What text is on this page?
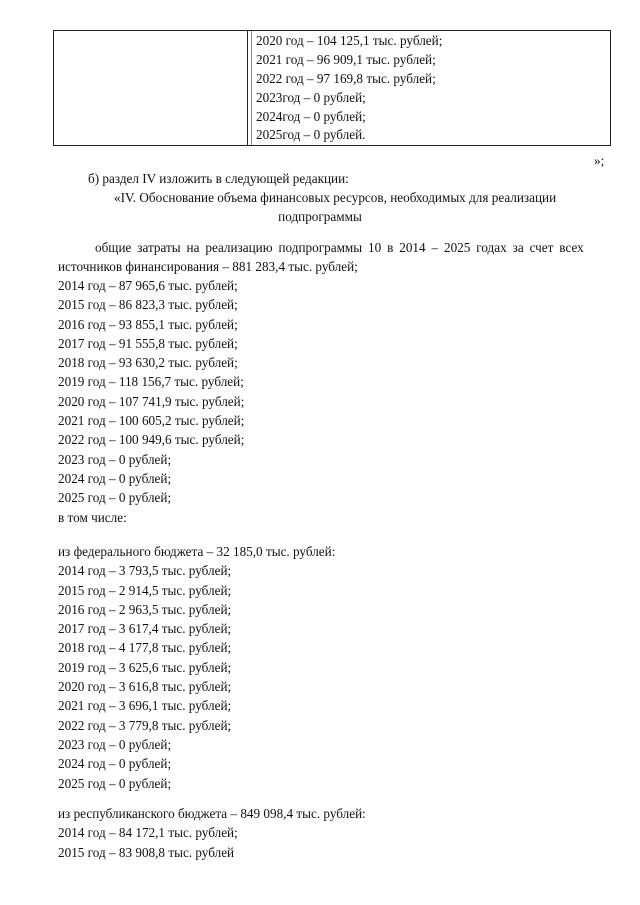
2020 год – 104 125,1 тыс. рублей;
2021 год – 96 909,1 тыс. рублей;
2022 год – 97 169,8 тыс. рублей;
2023год – 0 рублей;
2024год – 0 рублей;
2025год – 0 рублей.
»;
б) раздел IV изложить в следующей редакции:
«IV. Обоснование объема финансовых ресурсов, необходимых для реализации
подпрограммы
общие затраты на реализацию подпрограммы 10 в 2014 – 2025 годах за счет всех
источников финансирования – 881 283,4 тыс. рублей;
2014 год – 87 965,6 тыс. рублей;
2015 год – 86 823,3 тыс. рублей;
2016 год – 93 855,1 тыс. рублей;
2017 год – 91 555,8 тыс. рублей;
2018 год – 93 630,2 тыс. рублей;
2019 год – 118 156,7 тыс. рублей;
2020 год – 107 741,9 тыс. рублей;
2021 год – 100 605,2 тыс. рублей;
2022 год – 100 949,6 тыс. рублей;
2023 год – 0 рублей;
2024 год – 0 рублей;
2025 год – 0 рублей;
в том числе:
из федерального бюджета – 32 185,0 тыс. рублей:
2014 год – 3 793,5 тыс. рублей;
2015 год – 2 914,5 тыс. рублей;
2016 год – 2 963,5 тыс. рублей;
2017 год – 3 617,4 тыс. рублей;
2018 год – 4 177,8 тыс. рублей;
2019 год – 3 625,6 тыс. рублей;
2020 год – 3 616,8 тыс. рублей;
2021 год – 3 696,1 тыс. рублей;
2022 год – 3 779,8 тыс. рублей;
2023 год – 0 рублей;
2024 год – 0 рублей;
2025 год – 0 рублей;
из республиканского бюджета – 849 098,4 тыс. рублей:
2014 год – 84 172,1 тыс. рублей;
2015 год – 83 908,8 тыс. рублей
